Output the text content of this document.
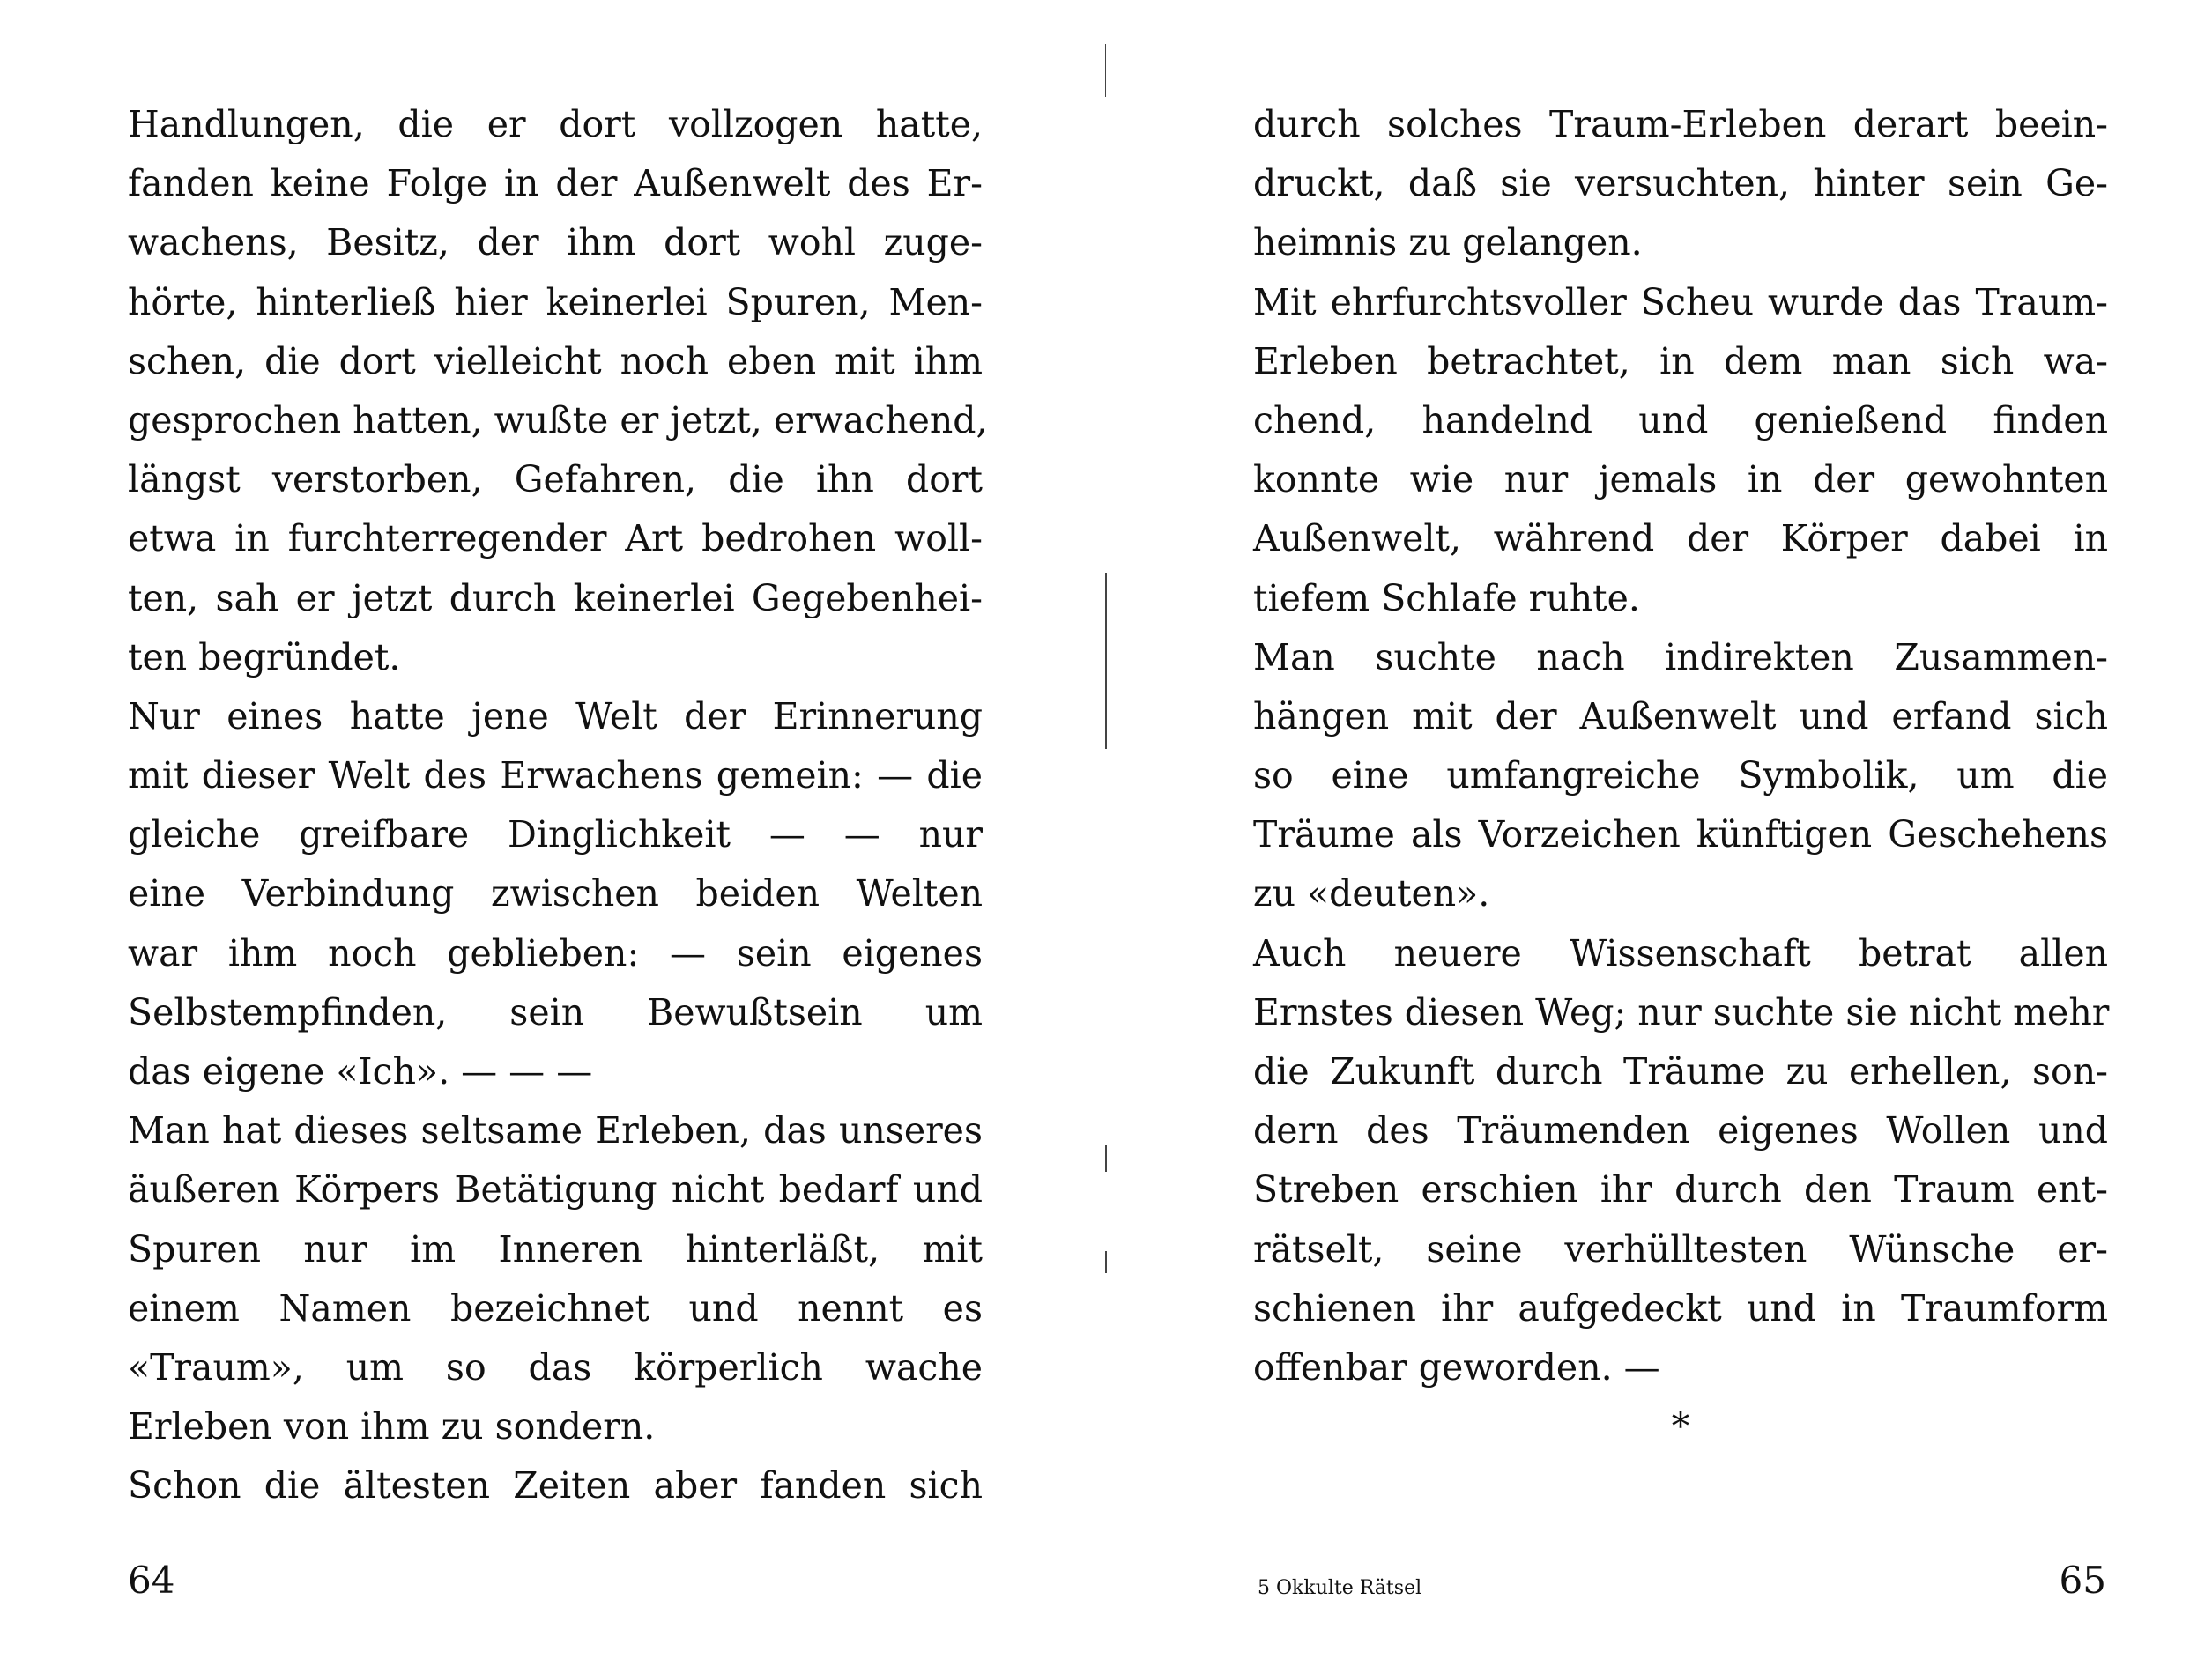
Handlungen, die er dort vollzogen hatte,
fanden keine Folge in der Außenwelt des Er-
wachens, Besitz, der ihm dort wohl zuge-
hörte, hinterließ hier keinerlei Spuren, Men-
schen, die dort vielleicht noch eben mit ihm
gesprochen hatten, wußte er jetzt, erwachend,
längst verstorben, Gefahren, die ihn dort
etwa in furchterregender Art bedrohen woll-
ten, sah er jetzt durch keinerlei Gegebenhei-
ten begründet.
Nur eines hatte jene Welt der Erinnerung
mit dieser Welt des Erwachens gemein: — die
gleiche greifbare Dinglichkeit — — nur
eine Verbindung zwischen beiden Welten
war ihm noch geblieben: — sein eigenes
Selbstempfinden, sein Bewußtsein um
das eigene «Ich». — — —
Man hat dieses seltsame Erleben, das unseres
äußeren Körpers Betätigung nicht bedarf und
Spuren nur im Inneren hinterläßt, mit
einem Namen bezeichnet und nennt es
«Traum», um so das körperlich wache
Erleben von ihm zu sondern.
Schon die ältesten Zeiten aber fanden sich
64
durch solches Traum-Erleben derart beein-
druckt, daß sie versuchten, hinter sein Ge-
heimnis zu gelangen.
Mit ehrfurchtsvoller Scheu wurde das Traum-
Erleben betrachtet, in dem man sich wa-
chend, handelnd und genießend finden
konnte wie nur jemals in der gewohnten
Außenwelt, während der Körper dabei in
tiefem Schlafe ruhte.
Man suchte nach indirekten Zusammen-
hängen mit der Außenwelt und erfand sich
so eine umfangreiche Symbolik, um die
Träume als Vorzeichen künftigen Geschehens
zu «deuten».
Auch neuere Wissenschaft betrat allen
Ernstes diesen Weg; nur suchte sie nicht mehr
die Zukunft durch Träume zu erhellen, son-
dern des Träumenden eigenes Wollen und
Streben erschien ihr durch den Traum ent-
rätselt, seine verhülltesten Wünsche er-
schienen ihr aufgedeckt und in Traumform
offenbar geworden. —
*
5 Okkulte Rätsel	65
